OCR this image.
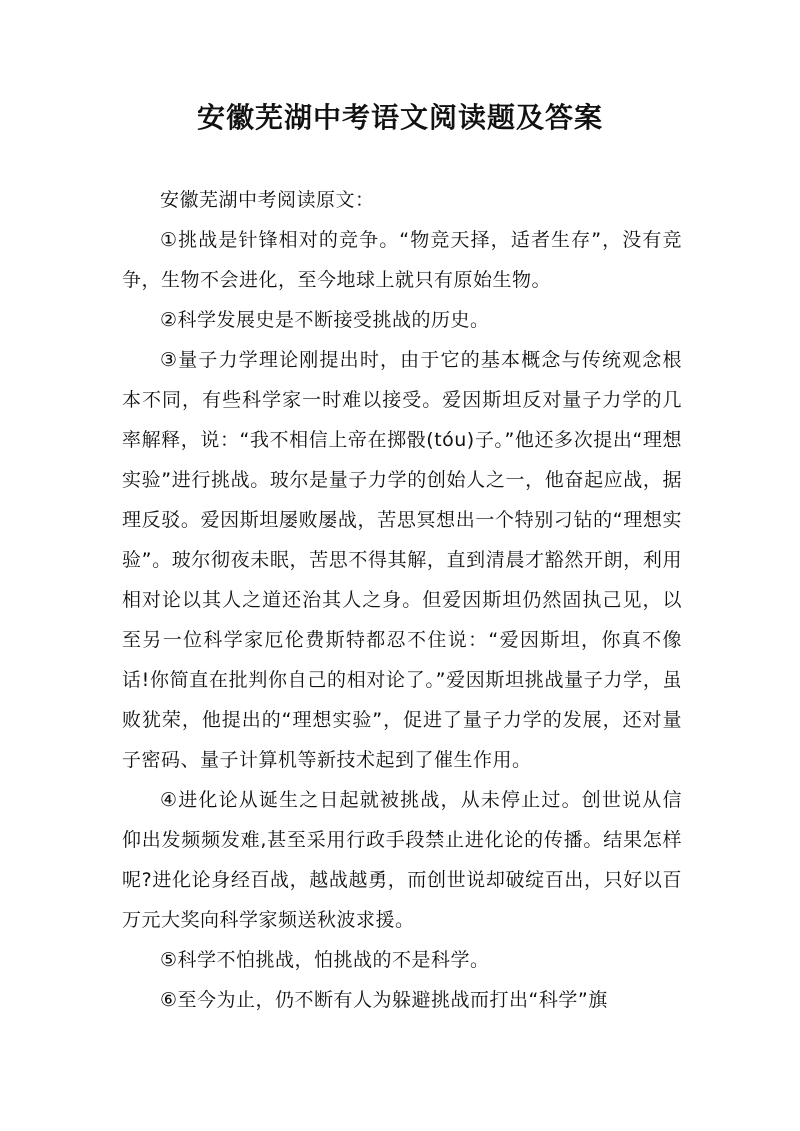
安徽芜湖中考语文阅读题及答案

安徽芜湖中考阅读原文：

①挑战是针锋相对的竞争。“物竞天择，适者生存”，没有竞争，生物不会进化，至今地球上就只有原始生物。

②科学发展史是不断接受挑战的历史。

③量子力学理论刚提出时，由于它的基本概念与传统观念根本不同，有些科学家一时难以接受。爱因斯坦反对量子力学的几率解释，说：“我不相信上帝在掷骰(tóu)子。”他还多次提出“理想实验”进行挑战。玻尔是量子力学的创始人之一，他奋起应战，据理反驳。爱因斯坦屡败屡战，苦思冥想出一个特别刁钻的“理想实验”。玻尔彻夜未眠，苦思不得其解，直到清晨才豁然开朗，利用相对论以其人之道还治其人之身。但爱因斯坦仍然固执己见，以至另一位科学家厄伦费斯特都忍不住说：“爱因斯坦，你真不像话!你简直在批判你自己的相对论了。”爱因斯坦挑战量子力学，虽败犹荣，他提出的“理想实验”，促进了量子力学的发展，还对量子密码、量子计算机等新技术起到了催生作用。

④进化论从诞生之日起就被挑战，从未停止过。创世说从信仰出发频频发难,甚至采用行政手段禁止进化论的传播。结果怎样呢?进化论身经百战，越战越勇，而创世说却破绽百出，只好以百万元大奖向科学家频送秋波求援。

⑤科学不怕挑战，怕挑战的不是科学。

⑥至今为止，仍不断有人为躲避挑战而打出“科学”旗
